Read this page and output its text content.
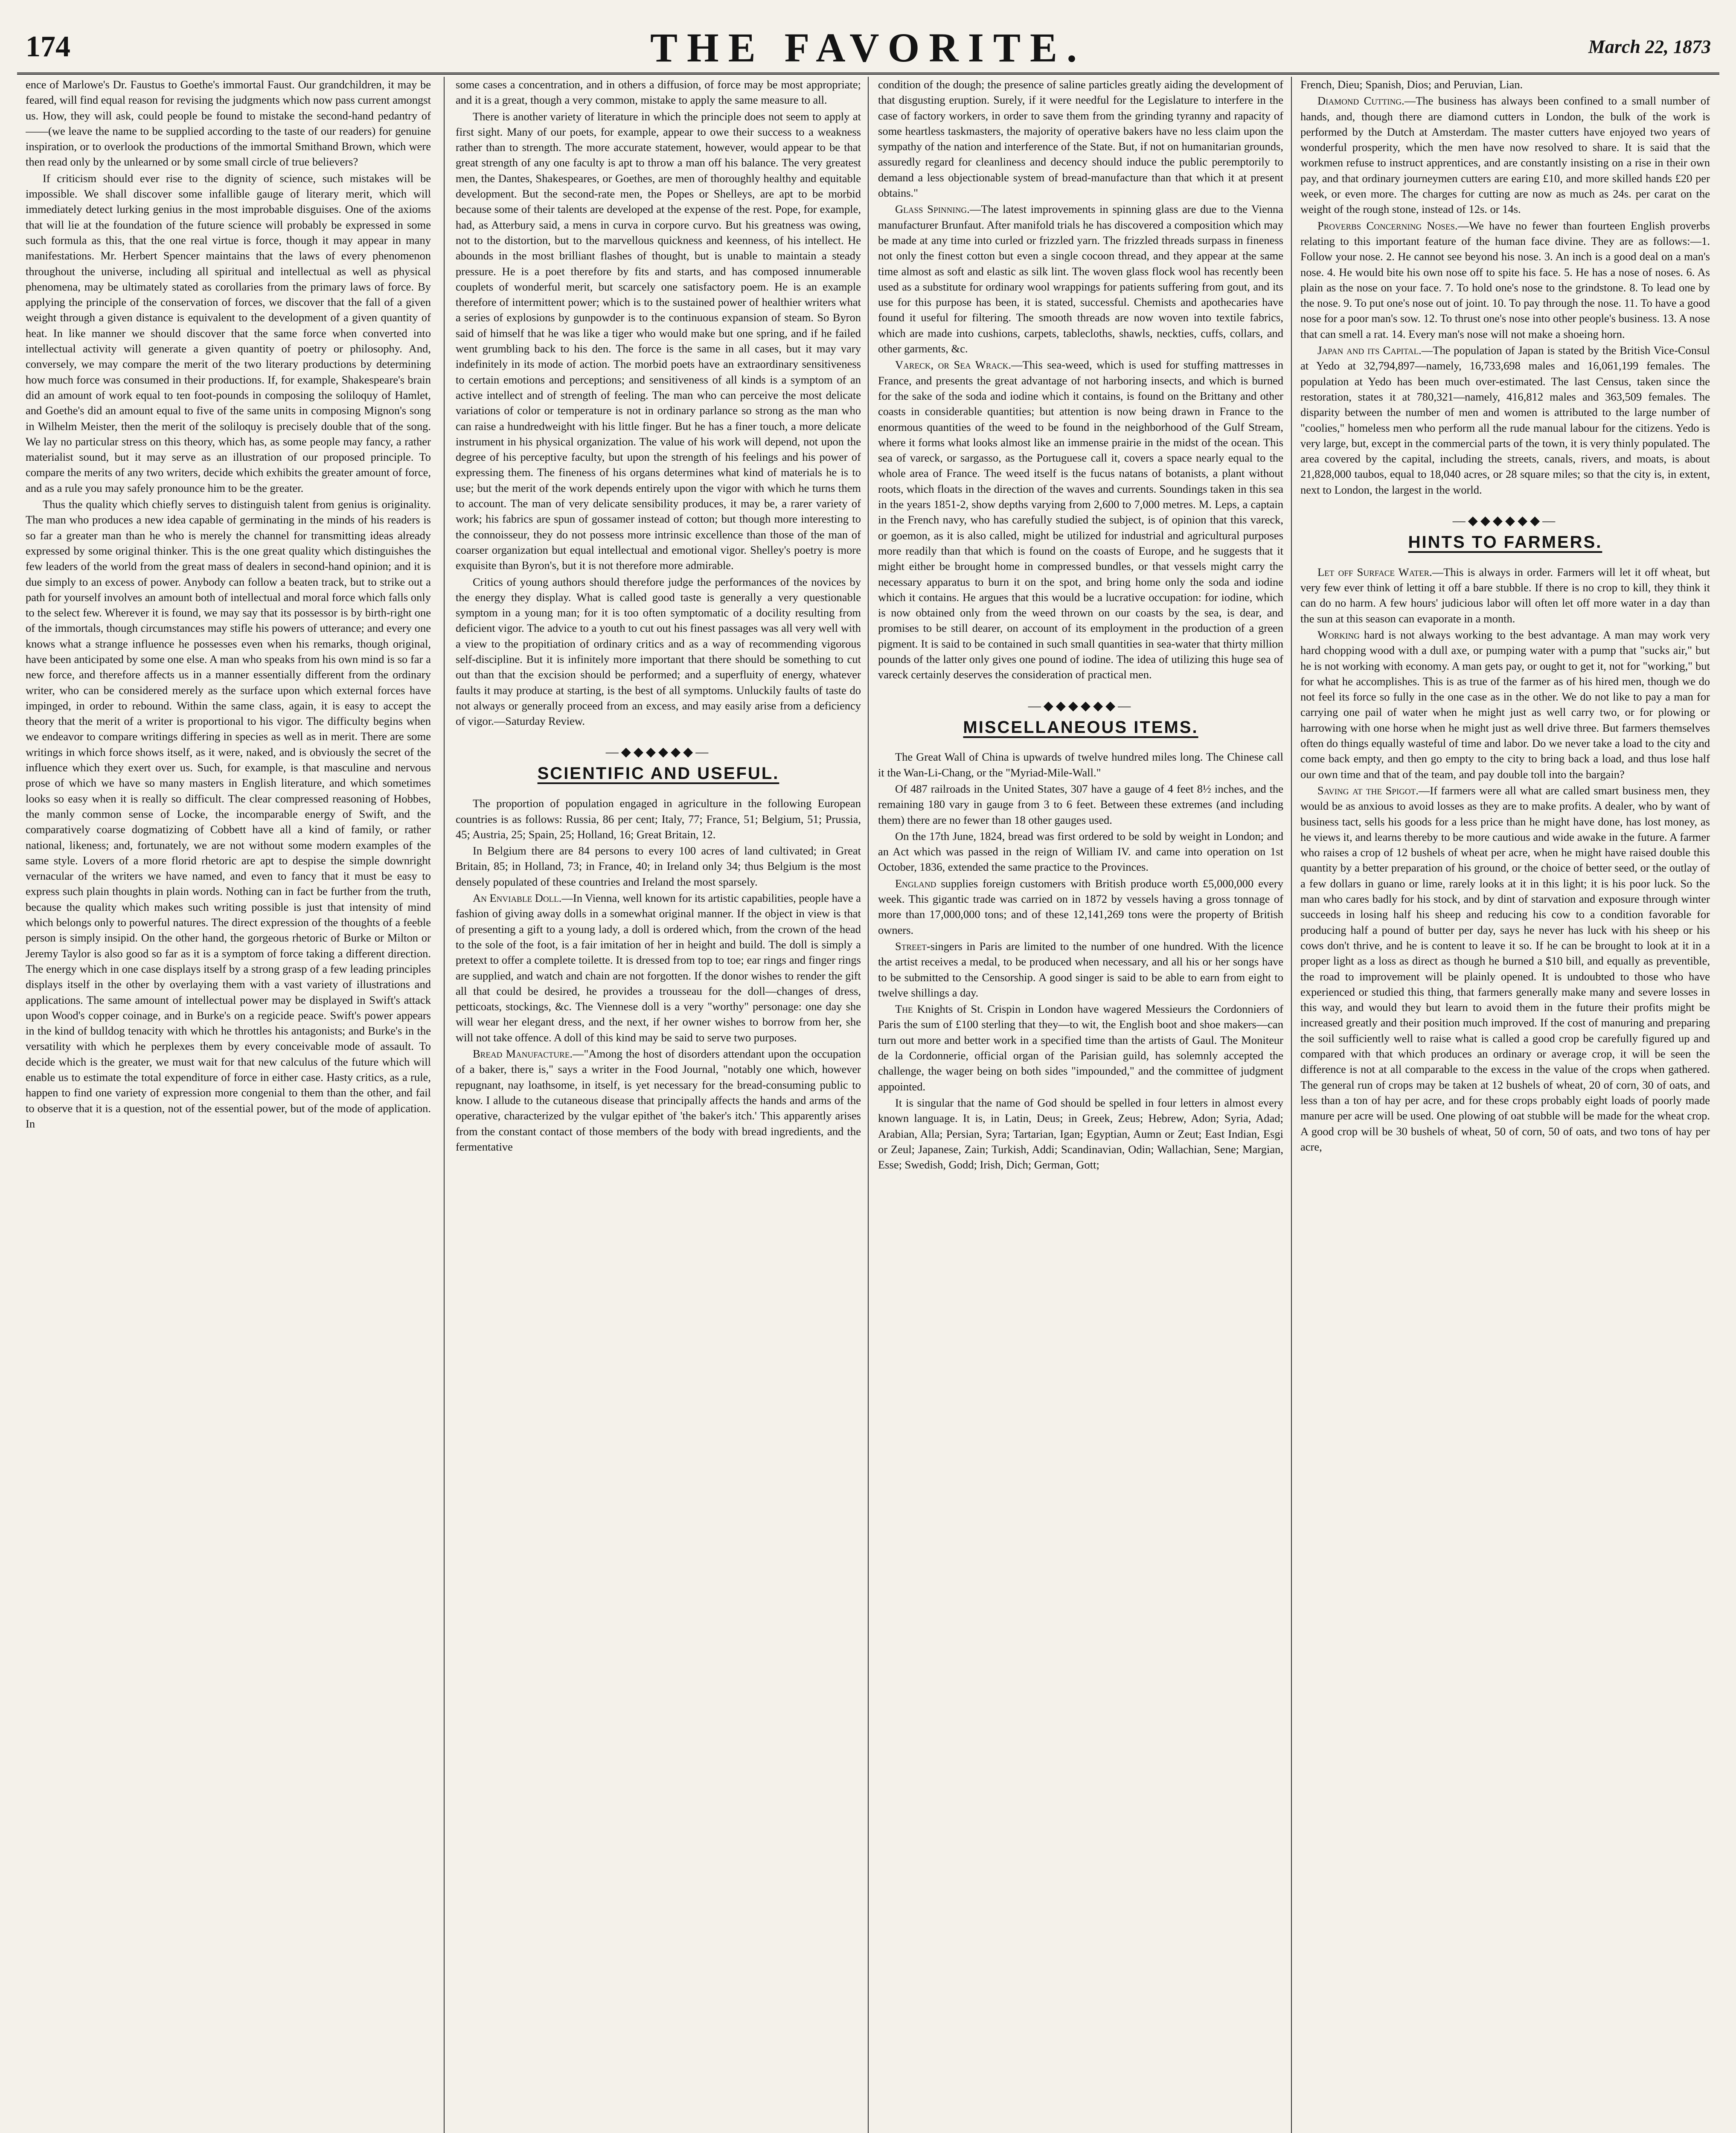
174	THE FAVORITE.	March 22, 1873

ence of Marlowe's Dr. Faustus to Goethe's immortal Faust. Our grandchildren, it may be feared, will find equal reason for revising the judgments which now pass current amongst us. How, they will ask, could people be found to mistake the second-hand pedantry of——(we leave the name to be supplied according to the taste of our readers) for genuine inspiration, or to overlook the productions of the immortal Smithand Brown, which were then read only by the unlearned or by some small circle of true believers?

If criticism should ever rise to the dignity of science, such mistakes will be impossible. We shall discover some infallible gauge of literary merit, which will immediately detect lurking genius in the most improbable disguises. One of the axioms that will lie at the foundation of the future science will probably be expressed in some such formula as this, that the one real virtue is force, though it may appear in many manifestations. Mr. Herbert Spencer maintains that the laws of every phenomenon throughout the universe, including all spiritual and intellectual as well as physical phenomena, may be ultimately stated as corollaries from the primary laws of force. By applying the principle of the conservation of forces, we discover that the fall of a given weight through a given distance is equivalent to the development of a given quantity of heat. In like manner we should discover that the same force when converted into intellectual activity will generate a given quantity of poetry or philosophy. And, conversely, we may compare the merit of the two literary productions by determining how much force was consumed in their productions. If, for example, Shakespeare's brain did an amount of work equal to ten foot-pounds in composing the soliloquy of Hamlet, and Goethe's did an amount equal to five of the same units in composing Mignon's song in Wilhelm Meister, then the merit of the soliloquy is precisely double that of the song. We lay no particular stress on this theory, which has, as some people may fancy, a rather materialist sound, but it may serve as an illustration of our proposed principle. To compare the merits of any two writers, decide which exhibits the greater amount of force, and as a rule you may safely pronounce him to be the greater.

Thus the quality which chiefly serves to distinguish talent from genius is originality. The man who produces a new idea capable of germinating in the minds of his readers is so far a greater man than he who is merely the channel for transmitting ideas already expressed by some original thinker. This is the one great quality which distinguishes the few leaders of the world from the great mass of dealers in second-hand opinion; and it is due simply to an excess of power. Anybody can follow a beaten track, but to strike out a path for yourself involves an amount both of intellectual and moral force which falls only to the select few. Wherever it is found, we may say that its possessor is by birth-right one of the immortals, though circumstances may stifle his powers of utterance; and every one knows what a strange influence he possesses even when his remarks, though original, have been anticipated by some one else. A man who speaks from his own mind is so far a new force, and therefore affects us in a manner essentially different from the ordinary writer, who can be considered merely as the surface upon which external forces have impinged, in order to rebound. Within the same class, again, it is easy to accept the theory that the merit of a writer is proportional to his vigor. The difficulty begins when we endeavor to compare writings differing in species as well as in merit. There are some writings in which force shows itself, as it were, naked, and is obviously the secret of the influence which they exert over us. Such, for example, is that masculine and nervous prose of which we have so many masters in English literature, and which sometimes looks so easy when it is really so difficult. The clear compressed reasoning of Hobbes, the manly common sense of Locke, the incomparable energy of Swift, and the comparatively coarse dogmatizing of Cobbett have all a kind of family, or rather national, likeness; and, fortunately, we are not without some modern examples of the same style. Lovers of a more florid rhetoric are apt to despise the simple downright vernacular of the writers we have named, and even to fancy that it must be easy to express such plain thoughts in plain words. Nothing can in fact be further from the truth, because the quality which makes such writing possible is just that intensity of mind which belongs only to powerful natures. The direct expression of the thoughts of a feeble person is simply insipid. On the other hand, the gorgeous rhetoric of Burke or Milton or Jeremy Taylor is also good so far as it is a symptom of force taking a different direction. The energy which in one case displays itself by a strong grasp of a few leading principles displays itself in the other by overlaying them with a vast variety of illustrations and applications. The same amount of intellectual power may be displayed in Swift's attack upon Wood's copper coinage, and in Burke's on a regicide peace. Swift's power appears in the kind of bulldog tenacity with which he throttles his antagonists; and Burke's in the versatility with which he perplexes them by every conceivable mode of assault. To decide which is the greater, we must wait for that new calculus of the future which will enable us to estimate the total expenditure of force in either case. Hasty critics, as a rule, happen to find one variety of expression more congenial to them than the other, and fail to observe that it is a question, not of the essential power, but of the mode of application. In

some cases a concentration, and in others a diffusion, of force may be most appropriate; and it is a great, though a very common, mistake to apply the same measure to all.

There is another variety of literature in which the principle does not seem to apply at first sight. Many of our poets, for example, appear to owe their success to a weakness rather than to strength. The more accurate statement, however, would appear to be that great strength of any one faculty is apt to throw a man off his balance. The very greatest men, the Dantes, Shakespeares, or Goethes, are men of thoroughly healthy and equitable development. But the second-rate men, the Popes or Shelleys, are apt to be morbid because some of their talents are developed at the expense of the rest. Pope, for example, had, as Atterbury said, a mens in curva in corpore curvo. But his greatness was owing, not to the distortion, but to the marvellous quickness and keenness, of his intellect. He abounds in the most brilliant flashes of thought, but is unable to maintain a steady pressure. He is a poet therefore by fits and starts, and has composed innumerable couplets of wonderful merit, but scarcely one satisfactory poem. He is an example therefore of intermittent power; which is to the sustained power of healthier writers what a series of explosions by gunpowder is to the continuous expansion of steam. So Byron said of himself that he was like a tiger who would make but one spring, and if he failed went grumbling back to his den. The force is the same in all cases, but it may vary indefinitely in its mode of action. The morbid poets have an extraordinary sensitiveness to certain emotions and perceptions; and sensitiveness of all kinds is a symptom of an active intellect and of strength of feeling. The man who can perceive the most delicate variations of color or temperature is not in ordinary parlance so strong as the man who can raise a hundredweight with his little finger. But he has a finer touch, a more delicate instrument in his physical organization. The value of his work will depend, not upon the degree of his perceptive faculty, but upon the strength of his feelings and his power of expressing them. The fineness of his organs determines what kind of materials he is to use; but the merit of the work depends entirely upon the vigor with which he turns them to account. The man of very delicate sensibility produces, it may be, a rarer variety of work; his fabrics are spun of gossamer instead of cotton; but though more interesting to the connoisseur, they do not possess more intrinsic excellence than those of the man of coarser organization but equal intellectual and emotional vigor. Shelley's poetry is more exquisite than Byron's, but it is not therefore more admirable.

Critics of young authors should therefore judge the performances of the novices by the energy they display. What is called good taste is generally a very questionable symptom in a young man; for it is too often symptomatic of a docility resulting from deficient vigor. The advice to a youth to cut out his finest passages was all very well with a view to the propitiation of ordinary critics and as a way of recommending vigorous self-discipline. But it is infinitely more important that there should be something to cut out than that the excision should be performed; and a superfluity of energy, whatever faults it may produce at starting, is the best of all symptoms. Unluckily faults of taste do not always or generally proceed from an excess, and may easily arise from a deficiency of vigor.—Saturday Review.

—◆◆◆◆◆◆—
SCIENTIFIC AND USEFUL.

The proportion of population engaged in agriculture in the following European countries is as follows: Russia, 86 per cent; Italy, 77; France, 51; Belgium, 51; Prussia, 45; Austria, 25; Spain, 25; Holland, 16; Great Britain, 12.

In Belgium there are 84 persons to every 100 acres of land cultivated; in Great Britain, 85; in Holland, 73; in France, 40; in Ireland only 34; thus Belgium is the most densely populated of these countries and Ireland the most sparsely.

An Enviable Doll.—In Vienna, well known for its artistic capabilities, people have a fashion of giving away dolls in a somewhat original manner. If the object in view is that of presenting a gift to a young lady, a doll is ordered which, from the crown of the head to the sole of the foot, is a fair imitation of her in height and build. The doll is simply a pretext to offer a complete toilette. It is dressed from top to toe; ear rings and finger rings are supplied, and watch and chain are not forgotten. If the donor wishes to render the gift all that could be desired, he provides a trousseau for the doll—changes of dress, petticoats, stockings, &c. The Viennese doll is a very "worthy" personage: one day she will wear her elegant dress, and the next, if her owner wishes to borrow from her, she will not take offence. A doll of this kind may be said to serve two purposes.

Bread Manufacture.—"Among the host of disorders attendant upon the occupation of a baker, there is," says a writer in the Food Journal, "notably one which, however repugnant, nay loathsome, in itself, is yet necessary for the bread-consuming public to know. I allude to the cutaneous disease that principally affects the hands and arms of the operative, characterized by the vulgar epithet of 'the baker's itch.' This apparently arises from the constant contact of those members of the body with bread ingredients, and the fermentative

condition of the dough; the presence of saline particles greatly aiding the development of that disgusting eruption. Surely, if it were needful for the Legislature to interfere in the case of factory workers, in order to save them from the grinding tyranny and rapacity of some heartless taskmasters, the majority of operative bakers have no less claim upon the sympathy of the nation and interference of the State. But, if not on humanitarian grounds, assuredly regard for cleanliness and decency should induce the public peremptorily to demand a less objectionable system of bread-manufacture than that which it at present obtains."

Glass Spinning.—The latest improvements in spinning glass are due to the Vienna manufacturer Brunfaut. After manifold trials he has discovered a composition which may be made at any time into curled or frizzled yarn. The frizzled threads surpass in fineness not only the finest cotton but even a single cocoon thread, and they appear at the same time almost as soft and elastic as silk lint. The woven glass flock wool has recently been used as a substitute for ordinary wool wrappings for patients suffering from gout, and its use for this purpose has been, it is stated, successful. Chemists and apothecaries have found it useful for filtering. The smooth threads are now woven into textile fabrics, which are made into cushions, carpets, tablecloths, shawls, neckties, cuffs, collars, and other garments, &c.

Vareck, or Sea Wrack.—This sea-weed, which is used for stuffing mattresses in France, and presents the great advantage of not harboring insects, and which is burned for the sake of the soda and iodine which it contains, is found on the Brittany and other coasts in considerable quantities; but attention is now being drawn in France to the enormous quantities of the weed to be found in the neighborhood of the Gulf Stream, where it forms what looks almost like an immense prairie in the midst of the ocean. This sea of vareck, or sargasso, as the Portuguese call it, covers a space nearly equal to the whole area of France. The weed itself is the fucus natans of botanists, a plant without roots, which floats in the direction of the waves and currents. Soundings taken in this sea in the years 1851-2, show depths varying from 2,600 to 7,000 metres. M. Leps, a captain in the French navy, who has carefully studied the subject, is of opinion that this vareck, or goemon, as it is also called, might be utilized for industrial and agricultural purposes more readily than that which is found on the coasts of Europe, and he suggests that it might either be brought home in compressed bundles, or that vessels might carry the necessary apparatus to burn it on the spot, and bring home only the soda and iodine which it contains. He argues that this would be a lucrative occupation: for iodine, which is now obtained only from the weed thrown on our coasts by the sea, is dear, and promises to be still dearer, on account of its employment in the production of a green pigment. It is said to be contained in such small quantities in sea-water that thirty million pounds of the latter only gives one pound of iodine. The idea of utilizing this huge sea of vareck certainly deserves the consideration of practical men.

—◆◆◆◆◆◆—
MISCELLANEOUS ITEMS.

The Great Wall of China is upwards of twelve hundred miles long. The Chinese call it the Wan-Li-Chang, or the "Myriad-Mile-Wall."

Of 487 railroads in the United States, 307 have a gauge of 4 feet 8½ inches, and the remaining 180 vary in gauge from 3 to 6 feet. Between these extremes (and including them) there are no fewer than 18 other gauges used.

On the 17th June, 1824, bread was first ordered to be sold by weight in London; and an Act which was passed in the reign of William IV. and came into operation on 1st October, 1836, extended the same practice to the Provinces.

England supplies foreign customers with British produce worth £5,000,000 every week. This gigantic trade was carried on in 1872 by vessels having a gross tonnage of more than 17,000,000 tons; and of these 12,141,269 tons were the property of British owners.

Street-singers in Paris are limited to the number of one hundred. With the licence the artist receives a medal, to be produced when necessary, and all his or her songs have to be submitted to the Censorship. A good singer is said to be able to earn from eight to twelve shillings a day.

The Knights of St. Crispin in London have wagered Messieurs the Cordonniers of Paris the sum of £100 sterling that they—to wit, the English boot and shoe makers—can turn out more and better work in a specified time than the artists of Gaul. The Moniteur de la Cordonnerie, official organ of the Parisian guild, has solemnly accepted the challenge, the wager being on both sides "impounded," and the committee of judgment appointed.

It is singular that the name of God should be spelled in four letters in almost every known language. It is, in Latin, Deus; in Greek, Zeus; Hebrew, Adon; Syria, Adad; Arabian, Alla; Persian, Syra; Tartarian, Igan; Egyptian, Aumn or Zeut; East Indian, Esgi or Zeul; Japanese, Zain; Turkish, Addi; Scandinavian, Odin; Wallachian, Sene; Margian, Esse; Swedish, Godd; Irish, Dich; German, Gott;

French, Dieu; Spanish, Dios; and Peruvian, Lian.

Diamond Cutting.—The business has always been confined to a small number of hands, and, though there are diamond cutters in London, the bulk of the work is performed by the Dutch at Amsterdam. The master cutters have enjoyed two years of wonderful prosperity, which the men have now resolved to share. It is said that the workmen refuse to instruct apprentices, and are constantly insisting on a rise in their own pay, and that ordinary journeymen cutters are earing £10, and more skilled hands £20 per week, or even more. The charges for cutting are now as much as 24s. per carat on the weight of the rough stone, instead of 12s. or 14s.

Proverbs Concerning Noses.—We have no fewer than fourteen English proverbs relating to this important feature of the human face divine. They are as follows:—1. Follow your nose. 2. He cannot see beyond his nose. 3. An inch is a good deal on a man's nose. 4. He would bite his own nose off to spite his face. 5. He has a nose of noses. 6. As plain as the nose on your face. 7. To hold one's nose to the grindstone. 8. To lead one by the nose. 9. To put one's nose out of joint. 10. To pay through the nose. 11. To have a good nose for a poor man's sow. 12. To thrust one's nose into other people's business. 13. A nose that can smell a rat. 14. Every man's nose will not make a shoeing horn.

Japan and its Capital.—The population of Japan is stated by the British Vice-Consul at Yedo at 32,794,897—namely, 16,733,698 males and 16,061,199 females. The population at Yedo has been much over-estimated. The last Census, taken since the restoration, states it at 780,321—namely, 416,812 males and 363,509 females. The disparity between the number of men and women is attributed to the large number of "coolies," homeless men who perform all the rude manual labour for the citizens. Yedo is very large, but, except in the commercial parts of the town, it is very thinly populated. The area covered by the capital, including the streets, canals, rivers, and moats, is about 21,828,000 taubos, equal to 18,040 acres, or 28 square miles; so that the city is, in extent, next to London, the largest in the world.

—◆◆◆◆◆◆—
HINTS TO FARMERS.

Let off Surface Water.—This is always in order. Farmers will let it off wheat, but very few ever think of letting it off a bare stubble. If there is no crop to kill, they think it can do no harm. A few hours' judicious labor will often let off more water in a day than the sun at this season can evaporate in a month.

Working hard is not always working to the best advantage. A man may work very hard chopping wood with a dull axe, or pumping water with a pump that "sucks air," but he is not working with economy. A man gets pay, or ought to get it, not for "working," but for what he accomplishes. This is as true of the farmer as of his hired men, though we do not feel its force so fully in the one case as in the other. We do not like to pay a man for carrying one pail of water when he might just as well carry two, or for plowing or harrowing with one horse when he might just as well drive three. But farmers themselves often do things equally wasteful of time and labor. Do we never take a load to the city and come back empty, and then go empty to the city to bring back a load, and thus lose half our own time and that of the team, and pay double toll into the bargain?

Saving at the Spigot.—If farmers were all what are called smart business men, they would be as anxious to avoid losses as they are to make profits. A dealer, who by want of business tact, sells his goods for a less price than he might have done, has lost money, as he views it, and learns thereby to be more cautious and wide awake in the future. A farmer who raises a crop of 12 bushels of wheat per acre, when he might have raised double this quantity by a better preparation of his ground, or the choice of better seed, or the outlay of a few dollars in guano or lime, rarely looks at it in this light; it is his poor luck. So the man who cares badly for his stock, and by dint of starvation and exposure through winter succeeds in losing half his sheep and reducing his cow to a condition favorable for producing half a pound of butter per day, says he never has luck with his sheep or his cows don't thrive, and he is content to leave it so. If he can be brought to look at it in a proper light as a loss as direct as though he burned a $10 bill, and equally as preventible, the road to improvement will be plainly opened. It is undoubted to those who have experienced or studied this thing, that farmers generally make many and severe losses in this way, and would they but learn to avoid them in the future their profits might be increased greatly and their position much improved. If the cost of manuring and preparing the soil sufficiently well to raise what is called a good crop be carefully figured up and compared with that which produces an ordinary or average crop, it will be seen the difference is not at all comparable to the excess in the value of the crops when gathered. The general run of crops may be taken at 12 bushels of wheat, 20 of corn, 30 of oats, and less than a ton of hay per acre, and for these crops probably eight loads of poorly made manure per acre will be used. One plowing of oat stubble will be made for the wheat crop. A good crop will be 30 bushels of wheat, 50 of corn, 50 of oats, and two tons of hay per acre,
